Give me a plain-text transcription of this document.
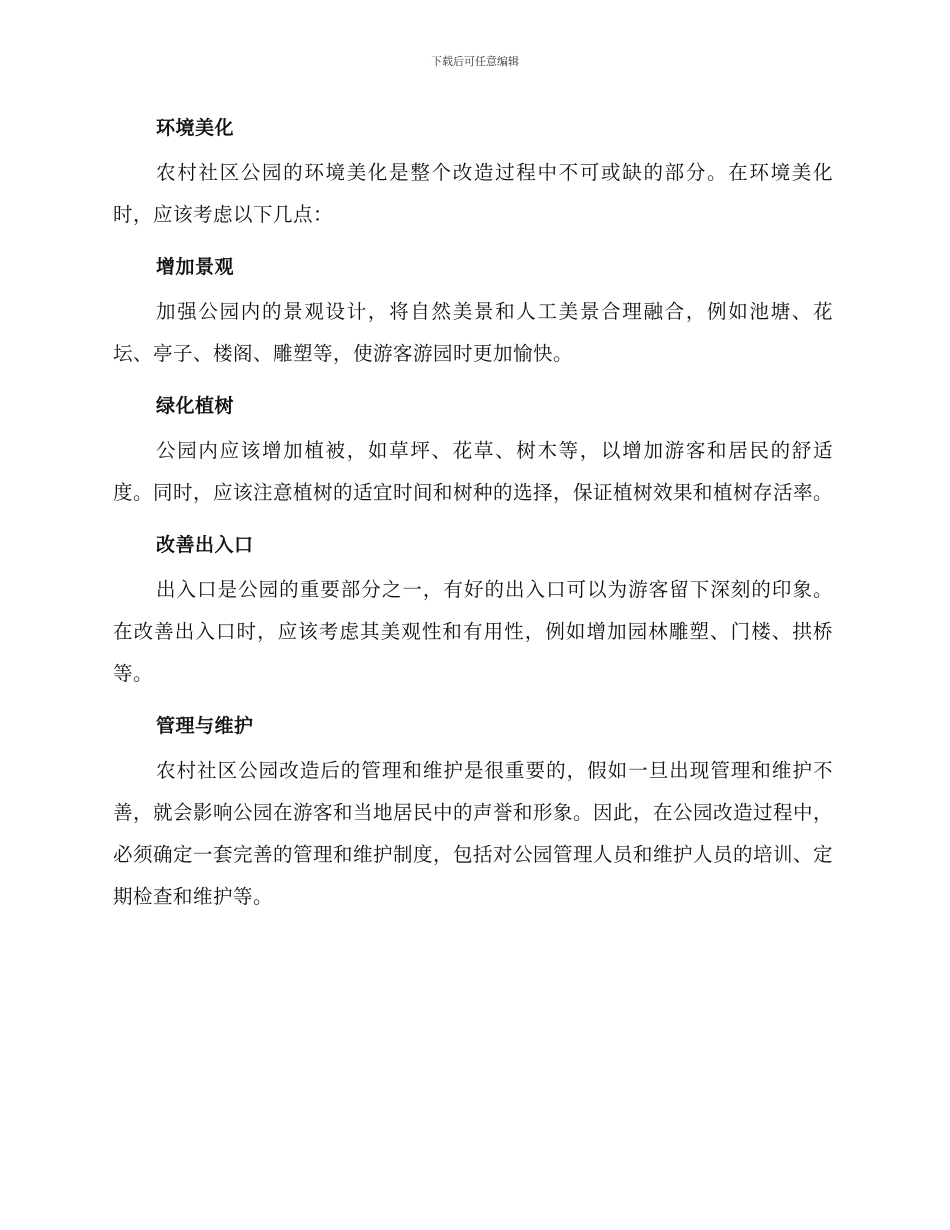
下载后可任意编辑
环境美化

农村社区公园的环境美化是整个改造过程中不可或缺的部分。在环境美化时，应该考虑以下几点：

增加景观

加强公园内的景观设计，将自然美景和人工美景合理融合，例如池塘、花坛、亭子、楼阁、雕塑等，使游客游园时更加愉快。

绿化植树

公园内应该增加植被，如草坪、花草、树木等，以增加游客和居民的舒适度。同时，应该注意植树的适宜时间和树种的选择，保证植树效果和植树存活率。

改善出入口

出入口是公园的重要部分之一，有好的出入口可以为游客留下深刻的印象。在改善出入口时，应该考虑其美观性和有用性，例如增加园林雕塑、门楼、拱桥等。

管理与维护

农村社区公园改造后的管理和维护是很重要的，假如一旦出现管理和维护不善，就会影响公园在游客和当地居民中的声誉和形象。因此，在公园改造过程中，必须确定一套完善的管理和维护制度，包括对公园管理人员和维护人员的培训、定期检查和维护等。
